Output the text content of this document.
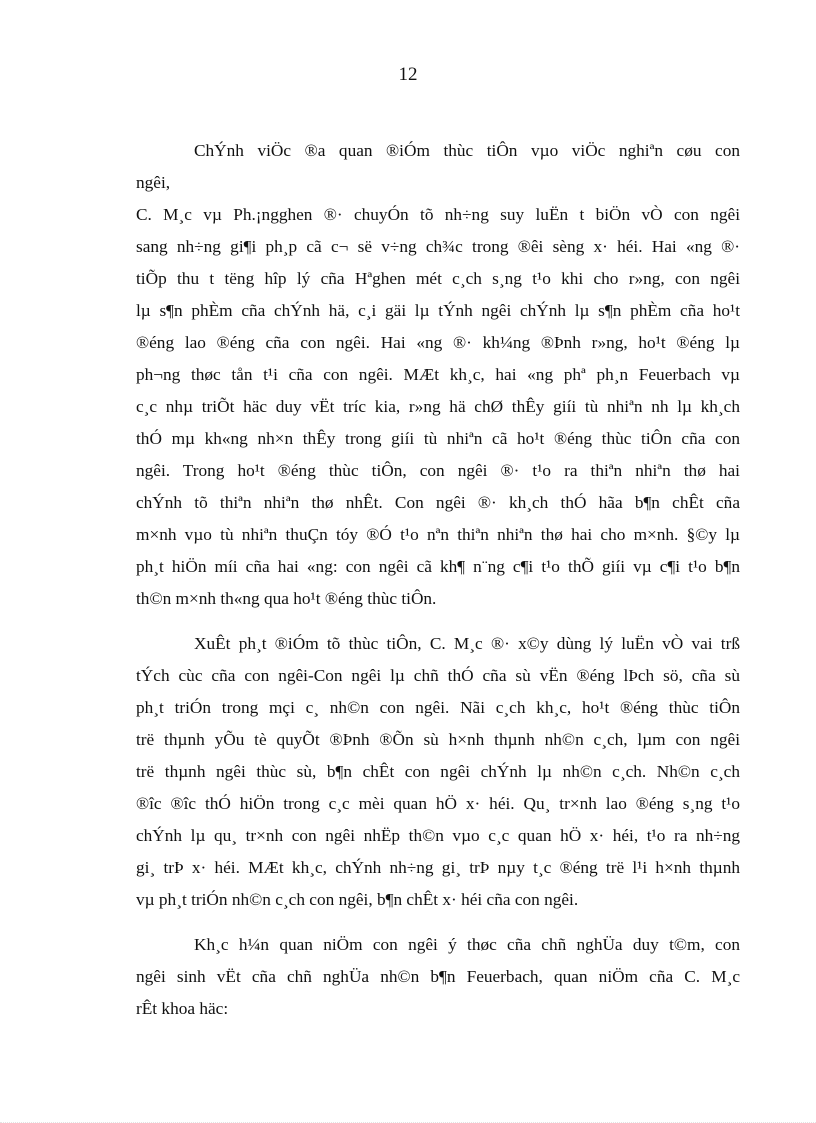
12
ChÝnh viÖc ®a quan ®iÓm thùc tiÔn vµo viÖc nghiªn cøu con
ngêi,
C. M¸c vµ Ph.¡ngghen ®· chuyÓn tõ nh÷ng suy luËn t biÖn vÒ con ngêi
sang nh÷ng gi¶i ph¸p cã c¬ së v÷ng ch¾c trong ®êi sèng x· héi. Hai «ng ®·
tiÕp thu t tëng hîp lý cña Hªghen mét c¸ch s¸ng t¹o khi cho r»ng, con ngêi
lµ s¶n phÈm cña chÝnh hä, c¸i gäi lµ tÝnh ngêi chÝnh lµ s¶n phÈm cña ho¹t
®éng lao ®éng cña con ngêi. Hai «ng ®· kh¼ng ®Þnh r»ng, ho¹t ®éng lµ
ph¬ng thøc tån t¹i cña con ngêi. MÆt kh¸c, hai «ng phª ph¸n Feuerbach vµ
c¸c nhµ triÕt häc duy vËt tríc kia, r»ng hä chØ thÊy giíi tù nhiªn nh lµ kh¸ch
thÓ mµ kh«ng nh×n thÊy trong giíi tù nhiªn cã ho¹t ®éng thùc tiÔn cña con
ngêi. Trong ho¹t ®éng thùc tiÔn, con ngêi ®· t¹o ra thiªn nhiªn thø hai
chÝnh tõ thiªn nhiªn thø nhÊt. Con ngêi ®· kh¸ch thÓ hãa b¶n chÊt cña
m×nh vµo tù nhiªn thuÇn tóy ®Ó t¹o nªn thiªn nhiªn thø hai cho m×nh. §©y lµ
ph¸t hiÖn míi cña hai «ng: con ngêi cã kh¶ n¨ng c¶i t¹o thÕ giíi vµ c¶i t¹o b¶n
th©n m×nh th«ng qua ho¹t ®éng thùc tiÔn.
XuÊt ph¸t ®iÓm tõ thùc tiÔn, C. M¸c ®· x©y dùng lý luËn vÒ vai trß
tÝch cùc cña con ngêi-Con ngêi lµ chñ thÓ cña sù vËn ®éng lÞch sö, cña sù
ph¸t triÓn trong mçi c¸ nh©n con ngêi. Nãi c¸ch kh¸c, ho¹t ®éng thùc tiÔn
trë thµnh yÕu tè quyÕt ®Þnh ®Õn sù h×nh thµnh nh©n c¸ch, lµm con ngêi
trë thµnh ngêi thùc sù, b¶n chÊt con ngêi chÝnh lµ nh©n c¸ch. Nh©n c¸ch
®îc ®îc thÓ hiÖn trong c¸c mèi quan hÖ x· héi. Qu¸ tr×nh lao ®éng s¸ng t¹o
chÝnh lµ qu¸ tr×nh con ngêi nhËp th©n vµo c¸c quan hÖ x· héi, t¹o ra nh÷ng
gi¸ trÞ x· héi. MÆt kh¸c, chÝnh nh÷ng gi¸ trÞ nµy t¸c ®éng trë l¹i h×nh thµnh
vµ ph¸t triÓn nh©n c¸ch con ngêi, b¶n chÊt x· héi cña con ngêi.
Kh¸c h¼n quan niÖm con ngêi ý thøc cña chñ nghÜa duy t©m, con
ngêi sinh vËt cña chñ nghÜa nh©n b¶n Feuerbach, quan niÖm cña C. M¸c
rÊt khoa häc:
